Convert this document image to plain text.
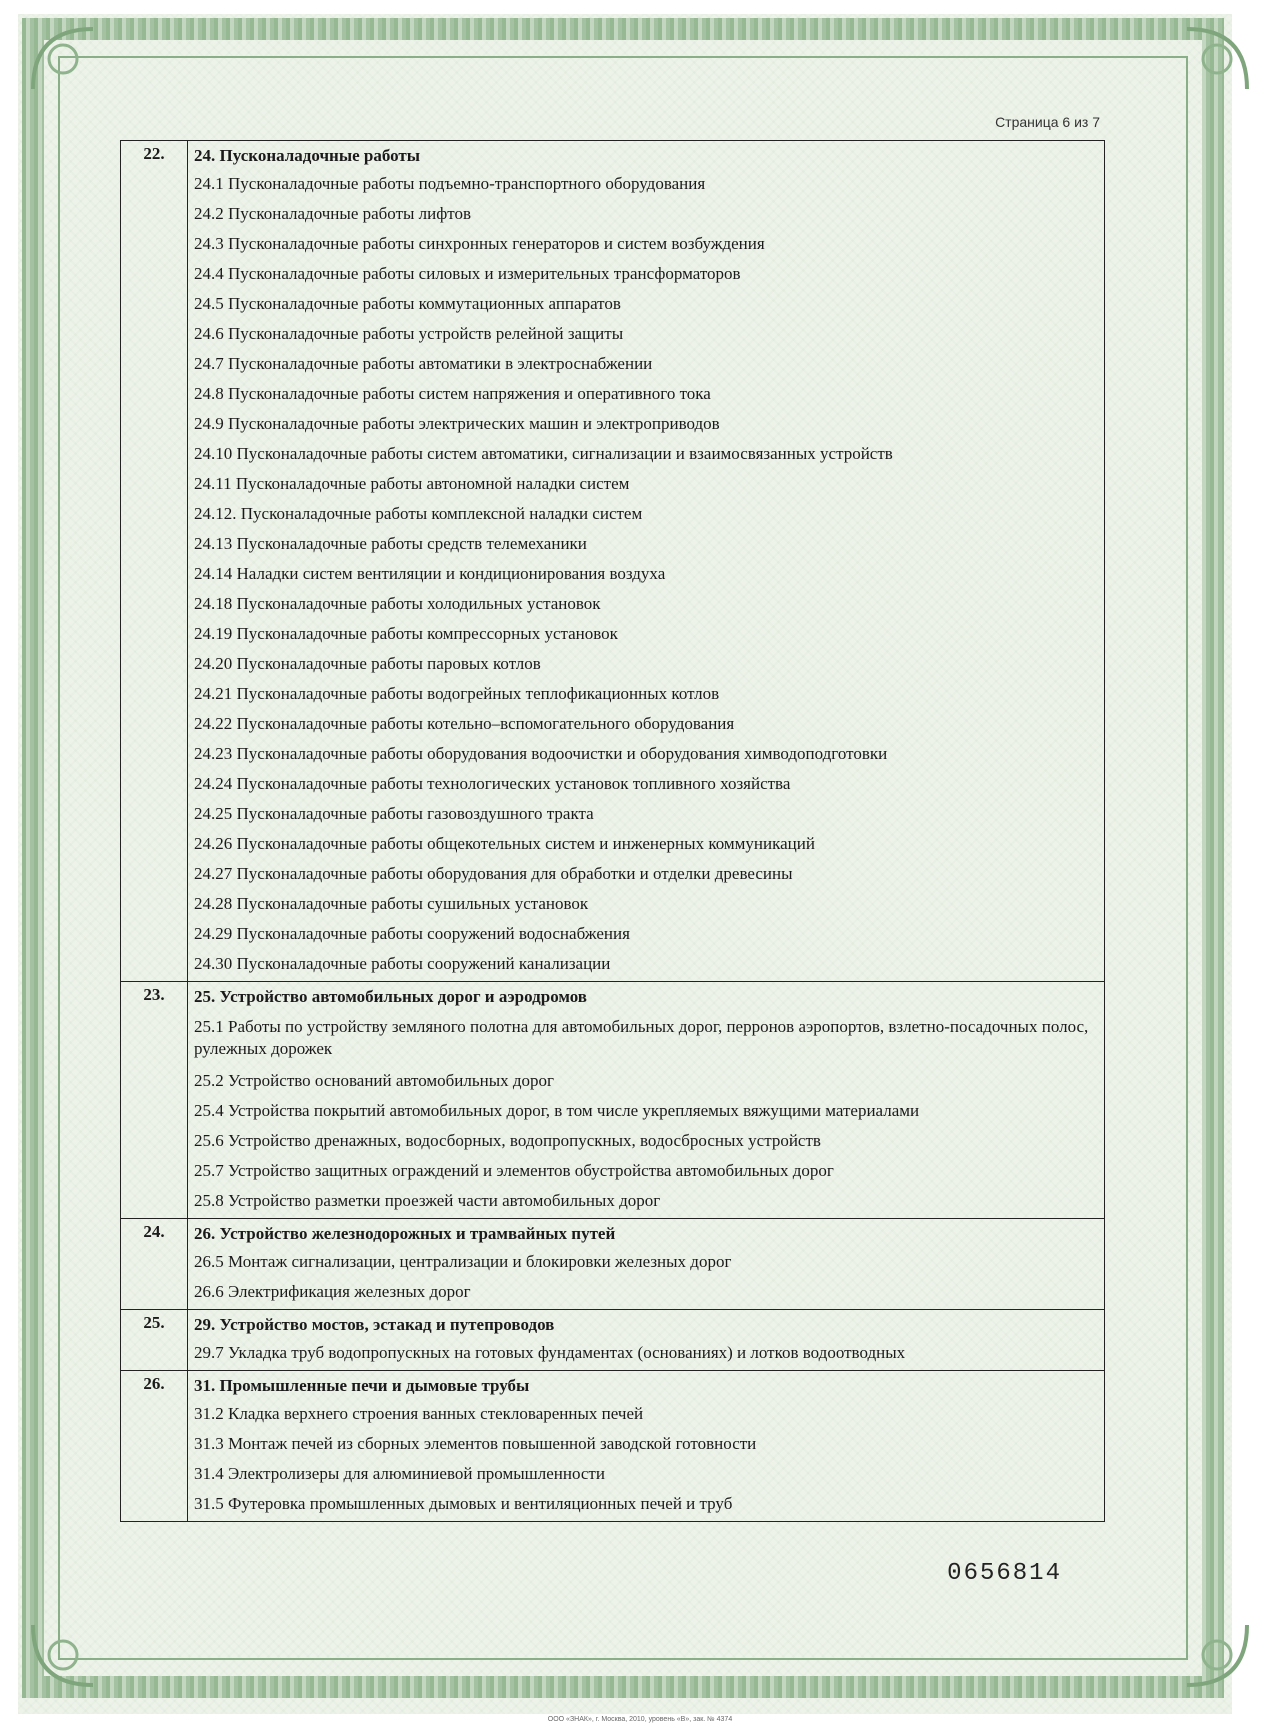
Страница 6 из 7
22.	24. Пусконаладочные работы
24.1 Пусконаладочные работы подъемно-транспортного оборудования
24.2 Пусконаладочные работы лифтов
24.3 Пусконаладочные работы синхронных генераторов и систем возбуждения
24.4 Пусконаладочные работы силовых и измерительных трансформаторов
24.5 Пусконаладочные работы коммутационных аппаратов
24.6 Пусконаладочные работы устройств релейной защиты
24.7 Пусконаладочные работы автоматики в электроснабжении
24.8 Пусконаладочные работы систем напряжения и оперативного тока
24.9 Пусконаладочные работы электрических машин и электроприводов
24.10 Пусконаладочные работы систем автоматики, сигнализации и взаимосвязанных устройств
24.11 Пусконаладочные работы автономной наладки систем
24.12. Пусконаладочные работы комплексной наладки систем
24.13 Пусконаладочные работы средств телемеханики
24.14 Наладки систем вентиляции и кондиционирования воздуха
24.18 Пусконаладочные работы холодильных установок
24.19 Пусконаладочные работы компрессорных установок
24.20 Пусконаладочные работы паровых котлов
24.21 Пусконаладочные работы водогрейных теплофикационных котлов
24.22 Пусконаладочные работы котельно–вспомогательного оборудования
24.23 Пусконаладочные работы оборудования водоочистки и оборудования химводоподготовки
24.24 Пусконаладочные работы технологических установок топливного хозяйства
24.25 Пусконаладочные работы газовоздушного тракта
24.26 Пусконаладочные работы общекотельных систем и инженерных коммуникаций
24.27 Пусконаладочные работы оборудования для обработки и отделки древесины
24.28 Пусконаладочные работы сушильных установок
24.29 Пусконаладочные работы сооружений водоснабжения
24.30 Пусконаладочные работы сооружений канализации
23.	25. Устройство автомобильных дорог и аэродромов
25.1 Работы по устройству земляного полотна для автомобильных дорог, перронов аэропортов, взлетно-посадочных полос, рулежных дорожек
25.2 Устройство оснований автомобильных дорог
25.4 Устройства покрытий автомобильных дорог, в том числе укрепляемых вяжущими материалами
25.6 Устройство дренажных, водосборных, водопропускных, водосбросных устройств
25.7 Устройство защитных ограждений и элементов обустройства автомобильных дорог
25.8 Устройство разметки проезжей части автомобильных дорог
24.	26. Устройство железнодорожных и трамвайных путей
26.5 Монтаж сигнализации, централизации и блокировки железных дорог
26.6 Электрификация железных дорог
25.	29. Устройство мостов, эстакад и путепроводов
29.7 Укладка труб водопропускных на готовых фундаментах (основаниях) и лотков водоотводных
26.	31. Промышленные печи и дымовые трубы
31.2 Кладка верхнего строения ванных стекловаренных печей
31.3 Монтаж печей из сборных элементов повышенной заводской готовности
31.4 Электролизеры для алюминиевой промышленности
31.5 Футеровка промышленных дымовых и вентиляционных печей и труб
0656814
ООО «ЗНАК», г. Москва, 2010, уровень «В», зак. № 4374
